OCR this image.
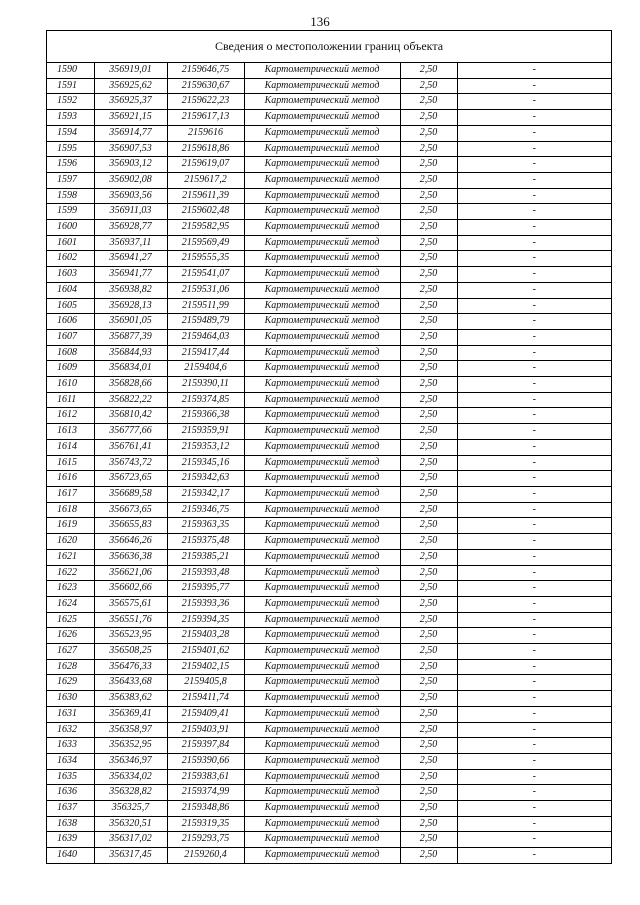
136
Сведения о местоположении границ объекта
1590	356919,01	2159646,75	Картометрический метод	2,50	-
1591	356925,62	2159630,67	Картометрический метод	2,50	-
1592	356925,37	2159622,23	Картометрический метод	2,50	-
1593	356921,15	2159617,13	Картометрический метод	2,50	-
1594	356914,77	2159616	Картометрический метод	2,50	-
1595	356907,53	2159618,86	Картометрический метод	2,50	-
1596	356903,12	2159619,07	Картометрический метод	2,50	-
1597	356902,08	2159617,2	Картометрический метод	2,50	-
1598	356903,56	2159611,39	Картометрический метод	2,50	-
1599	356911,03	2159602,48	Картометрический метод	2,50	-
1600	356928,77	2159582,95	Картометрический метод	2,50	-
1601	356937,11	2159569,49	Картометрический метод	2,50	-
1602	356941,27	2159555,35	Картометрический метод	2,50	-
1603	356941,77	2159541,07	Картометрический метод	2,50	-
1604	356938,82	2159531,06	Картометрический метод	2,50	-
1605	356928,13	2159511,99	Картометрический метод	2,50	-
1606	356901,05	2159489,79	Картометрический метод	2,50	-
1607	356877,39	2159464,03	Картометрический метод	2,50	-
1608	356844,93	2159417,44	Картометрический метод	2,50	-
1609	356834,01	2159404,6	Картометрический метод	2,50	-
1610	356828,66	2159390,11	Картометрический метод	2,50	-
1611	356822,22	2159374,85	Картометрический метод	2,50	-
1612	356810,42	2159366,38	Картометрический метод	2,50	-
1613	356777,66	2159359,91	Картометрический метод	2,50	-
1614	356761,41	2159353,12	Картометрический метод	2,50	-
1615	356743,72	2159345,16	Картометрический метод	2,50	-
1616	356723,65	2159342,63	Картометрический метод	2,50	-
1617	356689,58	2159342,17	Картометрический метод	2,50	-
1618	356673,65	2159346,75	Картометрический метод	2,50	-
1619	356655,83	2159363,35	Картометрический метод	2,50	-
1620	356646,26	2159375,48	Картометрический метод	2,50	-
1621	356636,38	2159385,21	Картометрический метод	2,50	-
1622	356621,06	2159393,48	Картометрический метод	2,50	-
1623	356602,66	2159395,77	Картометрический метод	2,50	-
1624	356575,61	2159393,36	Картометрический метод	2,50	-
1625	356551,76	2159394,35	Картометрический метод	2,50	-
1626	356523,95	2159403,28	Картометрический метод	2,50	-
1627	356508,25	2159401,62	Картометрический метод	2,50	-
1628	356476,33	2159402,15	Картометрический метод	2,50	-
1629	356433,68	2159405,8	Картометрический метод	2,50	-
1630	356383,62	2159411,74	Картометрический метод	2,50	-
1631	356369,41	2159409,41	Картометрический метод	2,50	-
1632	356358,97	2159403,91	Картометрический метод	2,50	-
1633	356352,95	2159397,84	Картометрический метод	2,50	-
1634	356346,97	2159390,66	Картометрический метод	2,50	-
1635	356334,02	2159383,61	Картометрический метод	2,50	-
1636	356328,82	2159374,99	Картометрический метод	2,50	-
1637	356325,7	2159348,86	Картометрический метод	2,50	-
1638	356320,51	2159319,35	Картометрический метод	2,50	-
1639	356317,02	2159293,75	Картометрический метод	2,50	-
1640	356317,45	2159260,4	Картометрический метод	2,50	-
